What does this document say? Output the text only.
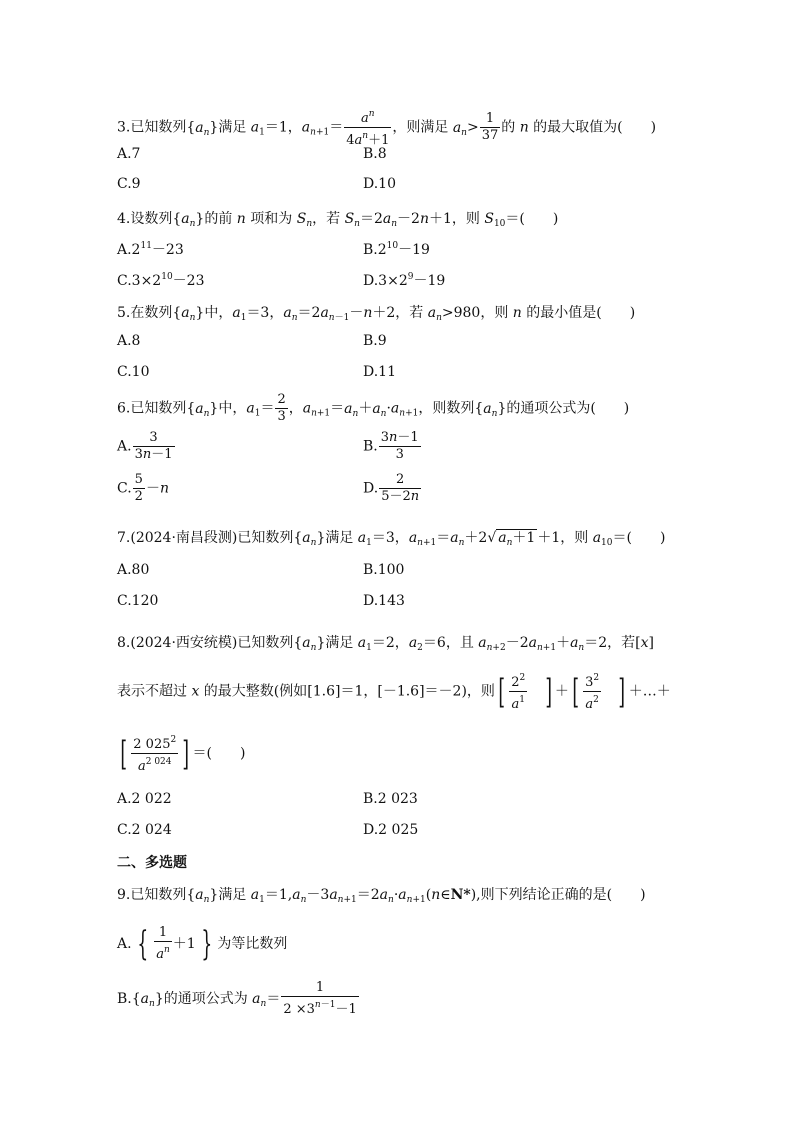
3.已知数列$\{a_n\}$满足 $a_1=1$，$a_{n+1}= \frac{a^n}{4a^n+1}$ ，则满足 $a_n> \frac{1}{37}$ 的 n 的最大取值为(　　)
A.7	B.8
C.9	D.10
4.设数列$\{a_n\}$的前 n 项和为 $S_n$，若 $S_n=2a_n-2n+1$，则 $S_{10}=$(　　)
$A.2^{11}-23$	$B.2^{10}-19$
$C.3\times 2^{10}-23$	$D.3\times 2^9-19$
5.在数列$\{a_n\}$中，$a_1=3$，$a_n=2a_{n-1}-n+2$，若 $a_n>980$，则 n 的最小值是(　　)
A.8	B.9
C.10	D.11
6.已知数列$\{a_n\}$中，$a_1= \frac{2}{3}$ ，$a_{n+1}=a_n+a_n\cdot a_{n+1}$，则数列$\{a_n\}$的通项公式为(　　)
A. $\frac{3}{3n-1}$	B. $\frac{3n-1}{3}$
C. $\frac{5}{2} -n$	D. $\frac{2}{5-2n}$
7.(2024·南昌段测)已知数列$\{a_n\}$满足 $a_1=3$，$a_{n+1}=a_n+2√$ $a_n+1 +1$，则 $a_{10}=$(　　)
A.80	B.100
C.120	D.143
8.(2024·西安统模)已知数列$\{a_n\}$满足 $a_1=2$，$a_2=6$，且 $a_{n+2}-2a_{n+1}+a_n=2$，若[x]
表示不超过 x 的最大整数(例如[1.6]＝1，[－1.6]＝－2)，则[ $\frac{2^2}{a^1}$ ] ＋[ $\frac{3^2}{a^2}$ ] ＋…＋
[ $\frac{2 025^2}{a^{2 024}}$ ] ＝(　　)
A.2 022	B.2 023
C.2 024	D.2 025
二、多选题
9.已知数列$\{a_n\}$满足 $a_1=1,a_n-3a_{n+1}=2a_n\cdot a_{n+1}(n\in N*)$,则下列结论正确的是(　　)
A. { $\frac{1}{a^n} +1$ } 为等比数列
$B.\{a_n\}$的通项公式为 $a_n= \frac{1}{2 \times 3^{n-1}-1}$
